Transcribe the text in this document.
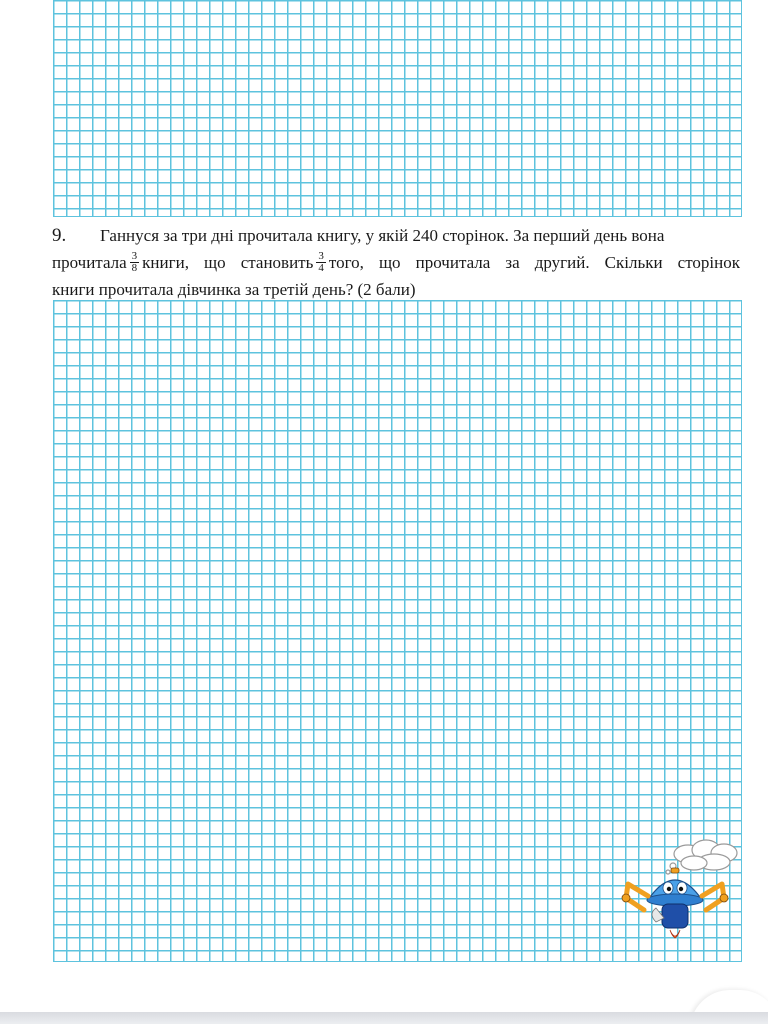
9. Ганнуся за три дні прочитала книгу, у якій 240 сторінок. За перший день вона
прочитала $\frac{3}{8}$ книги, що становить $\frac{3}{4}$ того, що прочитала за другий. Скільки сторінок
книги прочитала дівчинка за третій день? (2 бали)
